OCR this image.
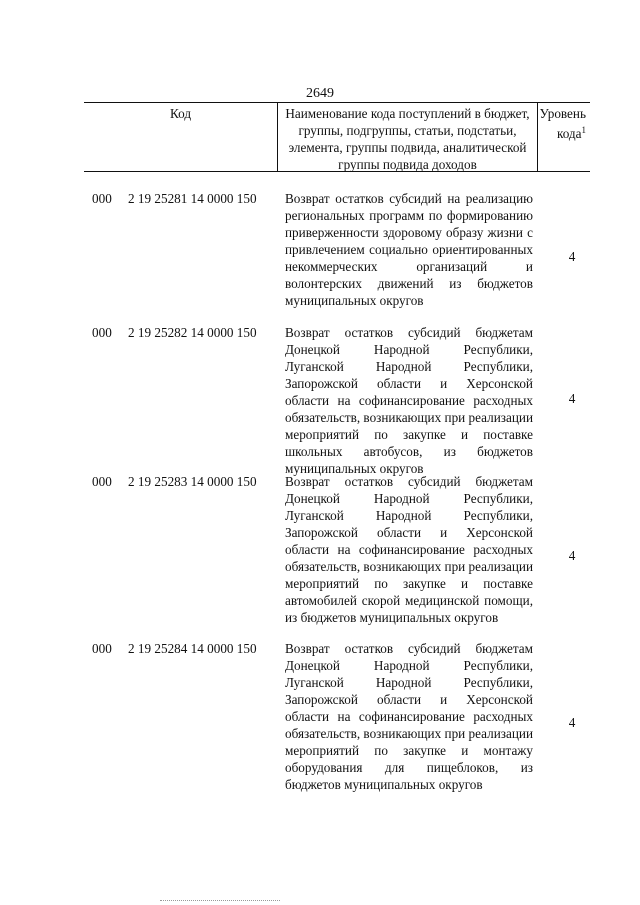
2649
Код	Наименование кода поступлений в бюджет, группы, подгруппы, статьи, подстатьи, элемента, группы подвида, аналитической группы подвида доходов
Уровень кода$^1$
000 2 19 25281 14 0000 150 Возврат остатков субсидий на реализацию региональных программ по формированию приверженности здоровому образу жизни с привлечением социально ориентированных некоммерческих организаций и волонтерских движений из бюджетов муниципальных округов
4
000 2 19 25282 14 0000 150 Возврат остатков субсидий бюджетам Донецкой Народной Республики, Луганской Народной Республики, Запорожской области и Херсонской области на софинансирование расходных обязательств, возникающих при реализации мероприятий по закупке и поставке школьных автобусов, из бюджетов муниципальных округов
4
000 2 19 25283 14 0000 150 Возврат остатков субсидий бюджетам Донецкой Народной Республики, Луганской Народной Республики, Запорожской области и Херсонской области на софинансирование расходных обязательств, возникающих при реализации мероприятий по закупке и поставке автомобилей скорой медицинской помощи, из бюджетов муниципальных округов
4
000 2 19 25284 14 0000 150 Возврат остатков субсидий бюджетам Донецкой Народной Республики, Луганской Народной Республики, Запорожской области и Херсонской области на софинансирование расходных обязательств, возникающих при реализации мероприятий по закупке и монтажу оборудования для пищеблоков, из бюджетов муниципальных округов
4
